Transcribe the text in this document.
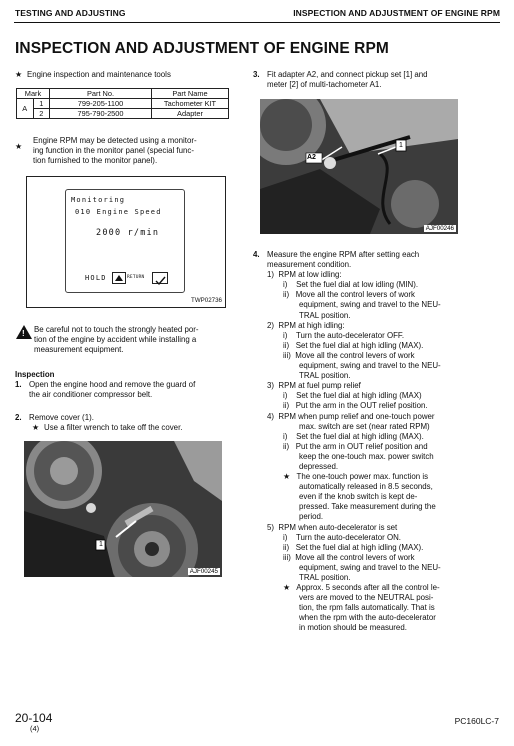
TESTING AND ADJUSTING	INSPECTION AND ADJUSTMENT OF ENGINE RPM
INSPECTION AND ADJUSTMENT OF ENGINE RPM
★ Engine inspection and maintenance tools
Mark		Part No.	Part Name
A	1	799-205-1100	Tachometer KIT
	2	795-790-2500	Adapter
★
Engine RPM may be detected using a monitor-
ing function in the monitor panel (special func-
tion furnished to the monitor panel).
Monitoring
010 Engine Speed
2000 r/min
HOLD	RETURN
TWP02736
! Be careful not to touch the strongly heated por-
tion of the engine by accident while installing a
measurement equipment.
Inspection
1. Open the engine hood and remove the guard of
the air conditioner compressor belt.
2. Remove cover (1).
★ Use a filter wrench to take off the cover.
1
AJF00245
3. Fit adapter A2, and connect pickup set [1] and
meter [2] of multi-tachometer A1.
A2
1
AJF00246
4. Measure the engine RPM after setting each
measurement condition.
1)  RPM at low idling:
i)    Set the fuel dial at low idling (MIN).
ii)   Move all the control levers of work
equipment, swing and travel to the NEU-
TRAL position.
2)  RPM at high idling:
i)    Turn the auto-decelerator OFF.
ii)   Set the fuel dial at high idling (MAX).
iii)  Move all the control levers of work
equipment, swing and travel to the NEU-
TRAL position.
3)  RPM at fuel pump relief
i)    Set the fuel dial at high idling (MAX)
ii)   Put the arm in the OUT relief position.
4)  RPM when pump relief and one-touch power
max. switch are set (near rated RPM)
i)    Set the fuel dial at high idling (MAX).
ii)   Put the arm in OUT relief position and
keep the one-touch max. power switch
depressed.
★   The one-touch power max. function is
automatically released in 8.5 seconds,
even if the knob switch is kept de-
pressed. Take measurement during the
period.
5)  RPM when auto-decelerator is set
i)    Turn the auto-decelerator ON.
ii)   Set the fuel dial at high idling (MAX).
iii)  Move all the control levers of work
equipment, swing and travel to the NEU-
TRAL position.
★   Approx. 5 seconds after all the control le-
vers are moved to the NEUTRAL posi-
tion, the rpm falls automatically. That is
when the rpm with the auto-decelerator
in motion should be measured.
20-104
(4)
PC160LC-7
